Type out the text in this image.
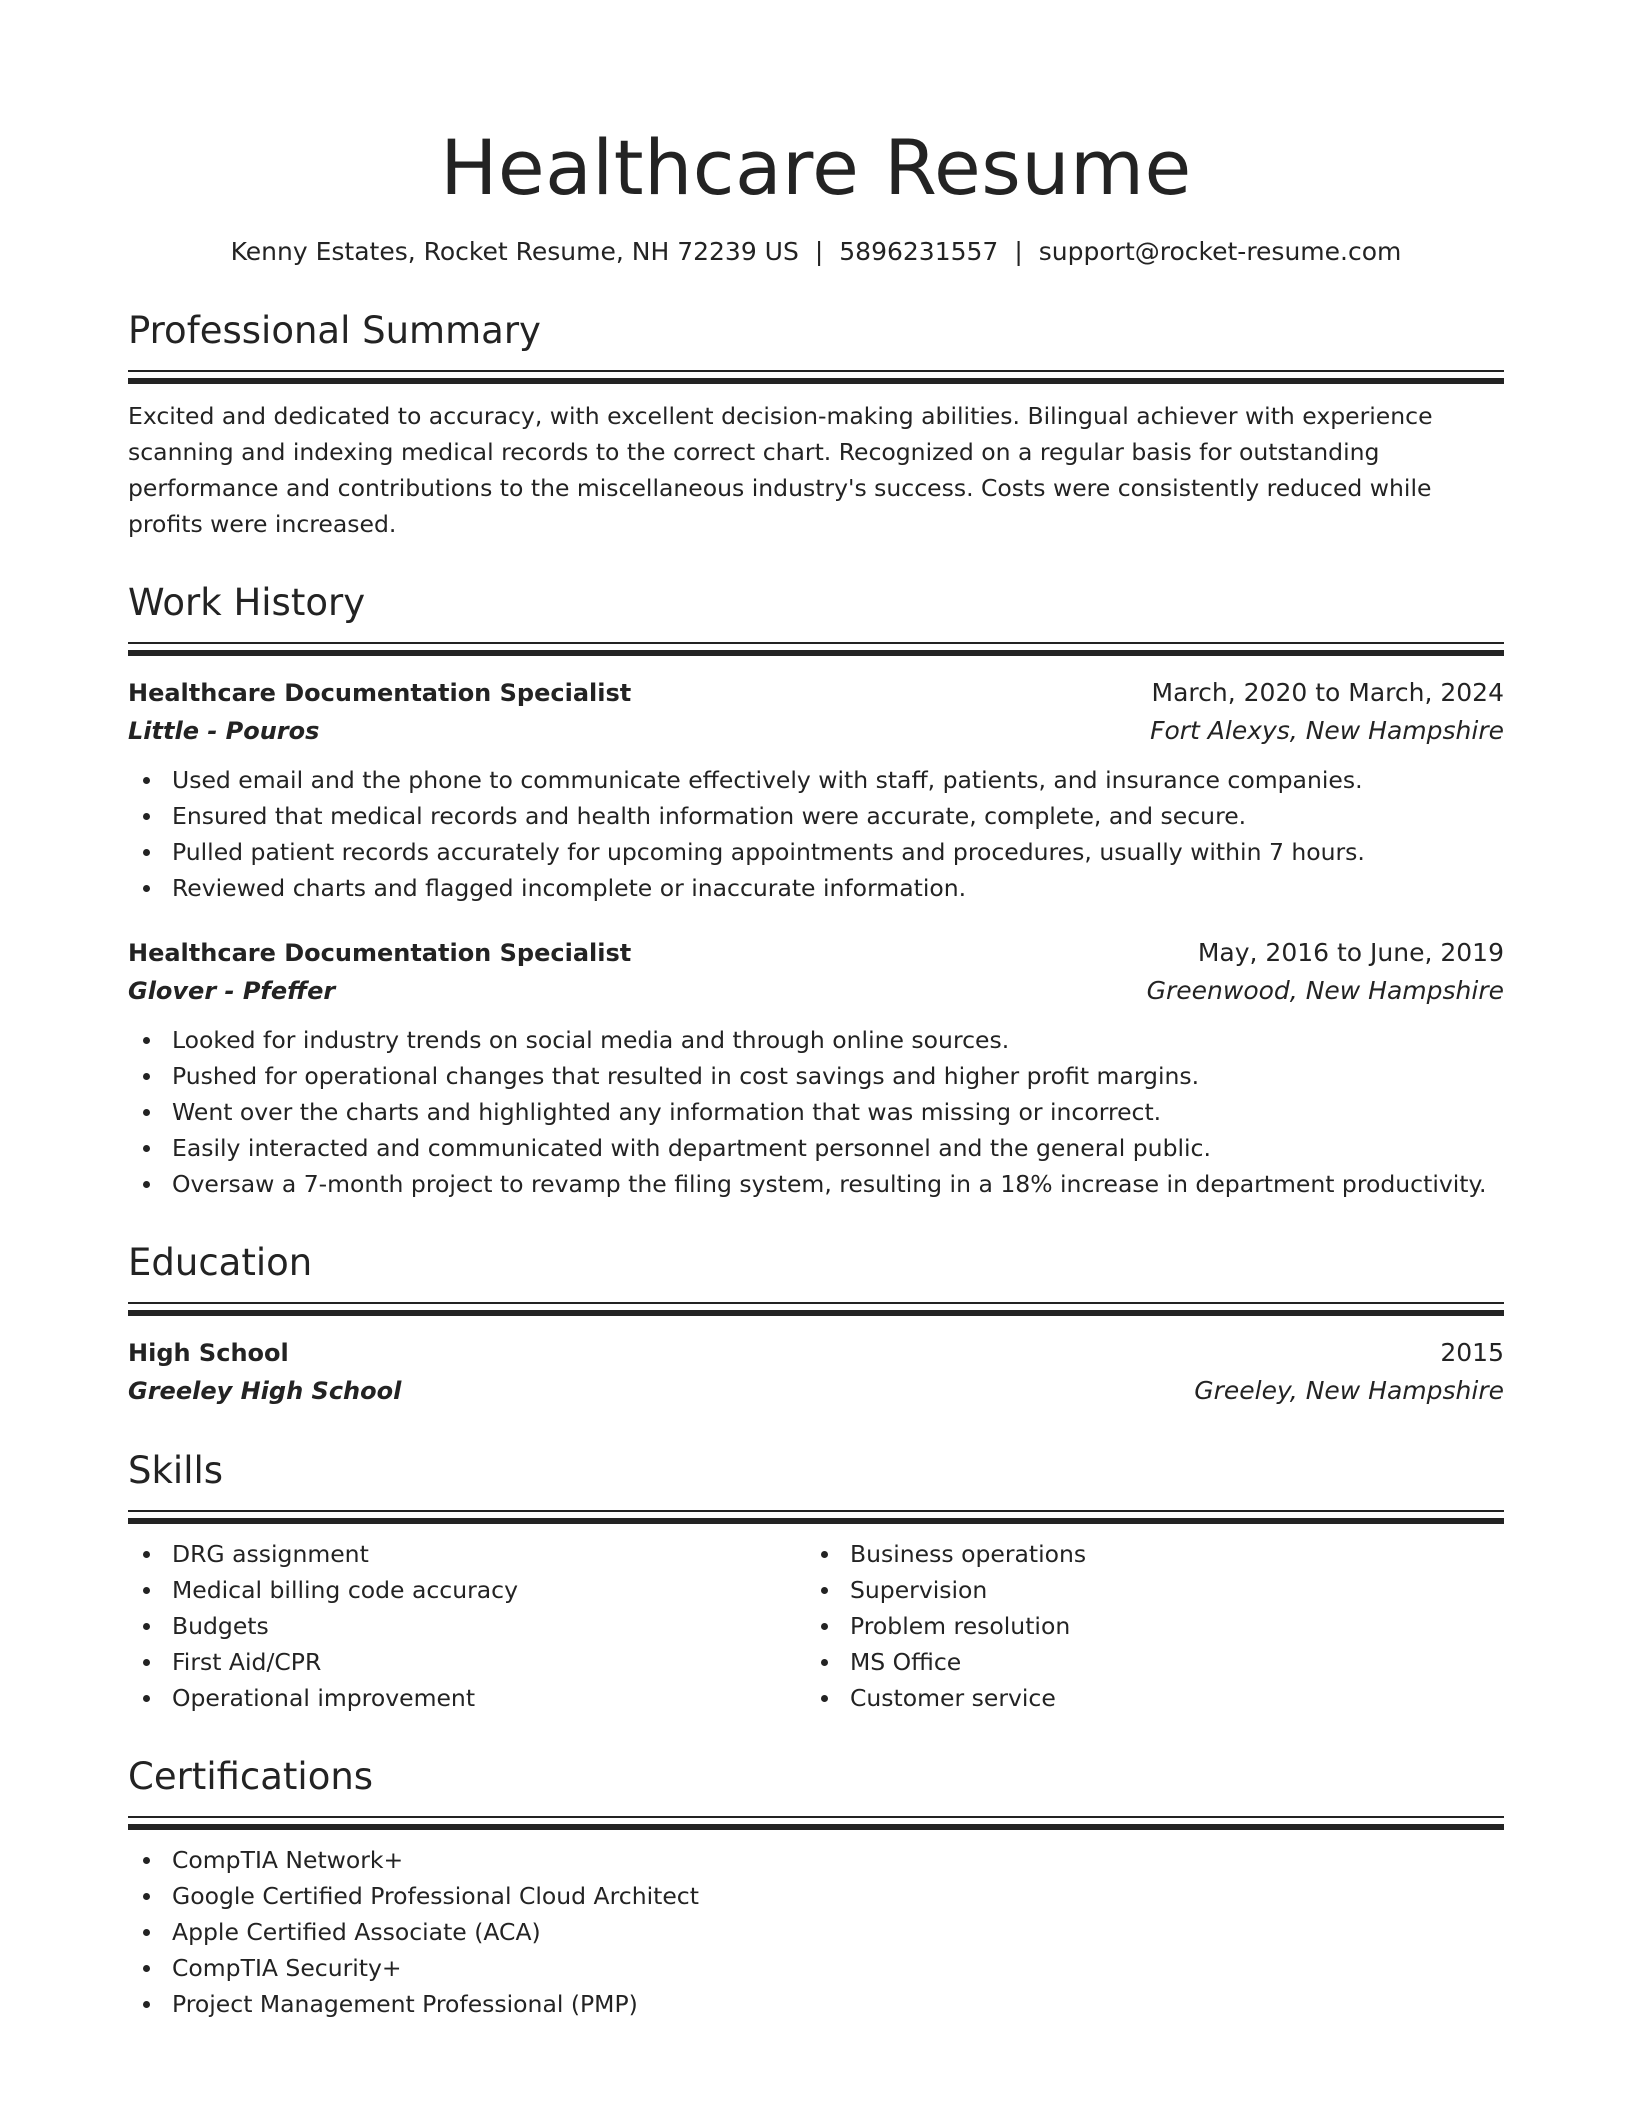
Healthcare Resume
Kenny Estates, Rocket Resume, NH 72239 US | 5896231557 | support@rocket-resume.com
Professional Summary
Excited and dedicated to accuracy, with excellent decision-making abilities. Bilingual achiever with experience scanning and indexing medical records to the correct chart. Recognized on a regular basis for outstanding performance and contributions to the miscellaneous industry's success. Costs were consistently reduced while profits were increased.
Work History
Healthcare Documentation Specialist	March, 2020 to March, 2024
Little - Pouros	Fort Alexys, New Hampshire
Used email and the phone to communicate effectively with staff, patients, and insurance companies.
Ensured that medical records and health information were accurate, complete, and secure.
Pulled patient records accurately for upcoming appointments and procedures, usually within 7 hours.
Reviewed charts and flagged incomplete or inaccurate information.
Healthcare Documentation Specialist	May, 2016 to June, 2019
Glover - Pfeffer	Greenwood, New Hampshire
Looked for industry trends on social media and through online sources.
Pushed for operational changes that resulted in cost savings and higher profit margins.
Went over the charts and highlighted any information that was missing or incorrect.
Easily interacted and communicated with department personnel and the general public.
Oversaw a 7-month project to revamp the filing system, resulting in a 18% increase in department productivity.
Education
High School	2015
Greeley High School	Greeley, New Hampshire
Skills
DRG assignment
Medical billing code accuracy
Budgets
First Aid/CPR
Operational improvement
Business operations
Supervision
Problem resolution
MS Office
Customer service
Certifications
CompTIA Network+
Google Certified Professional Cloud Architect
Apple Certified Associate (ACA)
CompTIA Security+
Project Management Professional (PMP)
